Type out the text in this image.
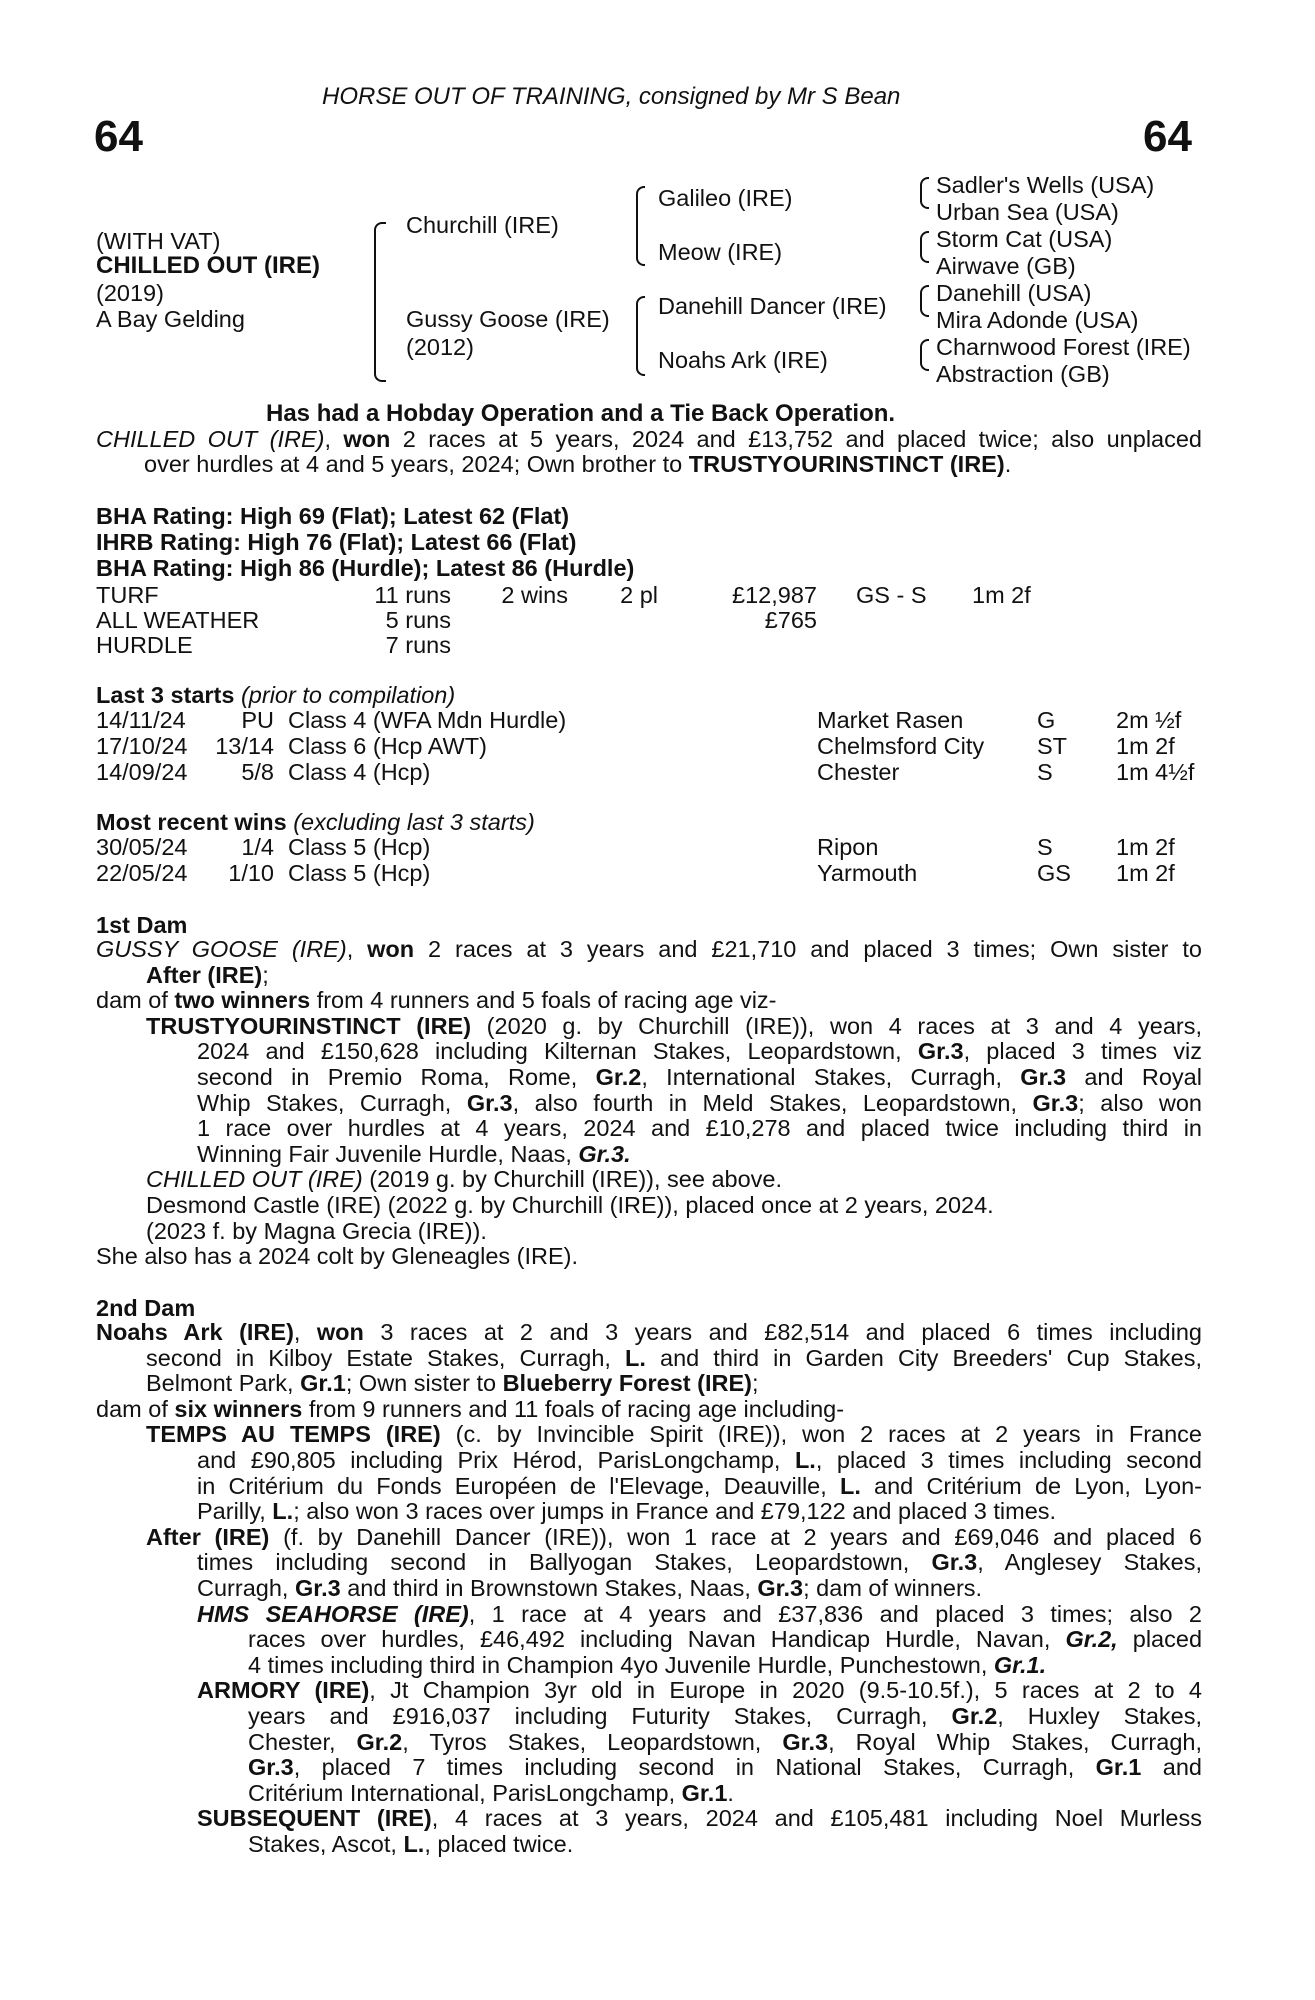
HORSE OUT OF TRAINING, consigned by Mr S Bean
64	64
(WITH VAT)
CHILLED OUT (IRE)
(2019)
A Bay Gelding
Churchill (IRE)
Gussy Goose (IRE)
(2012)
Galileo (IRE)
Meow (IRE)
Danehill Dancer (IRE)
Noahs Ark (IRE)
Sadler's Wells (USA)
Urban Sea (USA)
Storm Cat (USA)
Airwave (GB)
Danehill (USA)
Mira Adonde (USA)
Charnwood Forest (IRE)
Abstraction (GB)
Has had a Hobday Operation and a Tie Back Operation.
CHILLED OUT (IRE), won 2 races at 5 years, 2024 and £13,752 and placed twice; also unplaced
over hurdles at 4 and 5 years, 2024; Own brother to TRUSTYOURINSTINCT (IRE).
BHA Rating: High 69 (Flat); Latest 62 (Flat)
IHRB Rating: High 76 (Flat); Latest 66 (Flat)
BHA Rating: High 86 (Hurdle); Latest 86 (Hurdle)
TURF	11 runs 2 wins 2 pl	£12,987 GS - S 1m 2f
ALL WEATHER	5 runs	£765
HURDLE	7 runs
Last 3 starts (prior to compilation)
14/11/24 PU Class 4 (WFA Mdn Hurdle)	Market Rasen	G	2m ½f
17/10/24 13/14 Class 6 (Hcp AWT)	Chelmsford City ST 1m 2f
14/09/24 5/8 Class 4 (Hcp)	Chester	S	1m 4½f
Most recent wins (excluding last 3 starts)
30/05/24 1/4 Class 5 (Hcp)	Ripon	S	1m 2f
22/05/24 1/10 Class 5 (Hcp)	Yarmouth	GS 1m 2f
1st Dam
GUSSY GOOSE (IRE), won 2 races at 3 years and £21,710 and placed 3 times; Own sister to
After (IRE);
dam of two winners from 4 runners and 5 foals of racing age viz-
TRUSTYOURINSTINCT (IRE) (2020 g. by Churchill (IRE)), won 4 races at 3 and 4 years,
2024 and £150,628 including Kilternan Stakes, Leopardstown, Gr.3, placed 3 times viz
second in Premio Roma, Rome, Gr.2, International Stakes, Curragh, Gr.3 and Royal
Whip Stakes, Curragh, Gr.3, also fourth in Meld Stakes, Leopardstown, Gr.3; also won
1 race over hurdles at 4 years, 2024 and £10,278 and placed twice including third in
Winning Fair Juvenile Hurdle, Naas, Gr.3.
CHILLED OUT (IRE) (2019 g. by Churchill (IRE)), see above.
Desmond Castle (IRE) (2022 g. by Churchill (IRE)), placed once at 2 years, 2024.
(2023 f. by Magna Grecia (IRE)).
She also has a 2024 colt by Gleneagles (IRE).
2nd Dam
Noahs Ark (IRE), won 3 races at 2 and 3 years and £82,514 and placed 6 times including
second in Kilboy Estate Stakes, Curragh, L. and third in Garden City Breeders' Cup Stakes,
Belmont Park, Gr.1; Own sister to Blueberry Forest (IRE);
dam of six winners from 9 runners and 11 foals of racing age including-
TEMPS AU TEMPS (IRE) (c. by Invincible Spirit (IRE)), won 2 races at 2 years in France
and £90,805 including Prix Hérod, ParisLongchamp, L., placed 3 times including second
in Critérium du Fonds Européen de l'Elevage, Deauville, L. and Critérium de Lyon, Lyon-
Parilly, L.; also won 3 races over jumps in France and £79,122 and placed 3 times.
After (IRE) (f. by Danehill Dancer (IRE)), won 1 race at 2 years and £69,046 and placed 6
times including second in Ballyogan Stakes, Leopardstown, Gr.3, Anglesey Stakes,
Curragh, Gr.3 and third in Brownstown Stakes, Naas, Gr.3; dam of winners.
HMS SEAHORSE (IRE), 1 race at 4 years and £37,836 and placed 3 times; also 2
races over hurdles, £46,492 including Navan Handicap Hurdle, Navan, Gr.2, placed
4 times including third in Champion 4yo Juvenile Hurdle, Punchestown, Gr.1.
ARMORY (IRE), Jt Champion 3yr old in Europe in 2020 (9.5-10.5f.), 5 races at 2 to 4
years and £916,037 including Futurity Stakes, Curragh, Gr.2, Huxley Stakes,
Chester, Gr.2, Tyros Stakes, Leopardstown, Gr.3, Royal Whip Stakes, Curragh,
Gr.3, placed 7 times including second in National Stakes, Curragh, Gr.1 and
Critérium International, ParisLongchamp, Gr.1.
SUBSEQUENT (IRE), 4 races at 3 years, 2024 and £105,481 including Noel Murless
Stakes, Ascot, L., placed twice.
